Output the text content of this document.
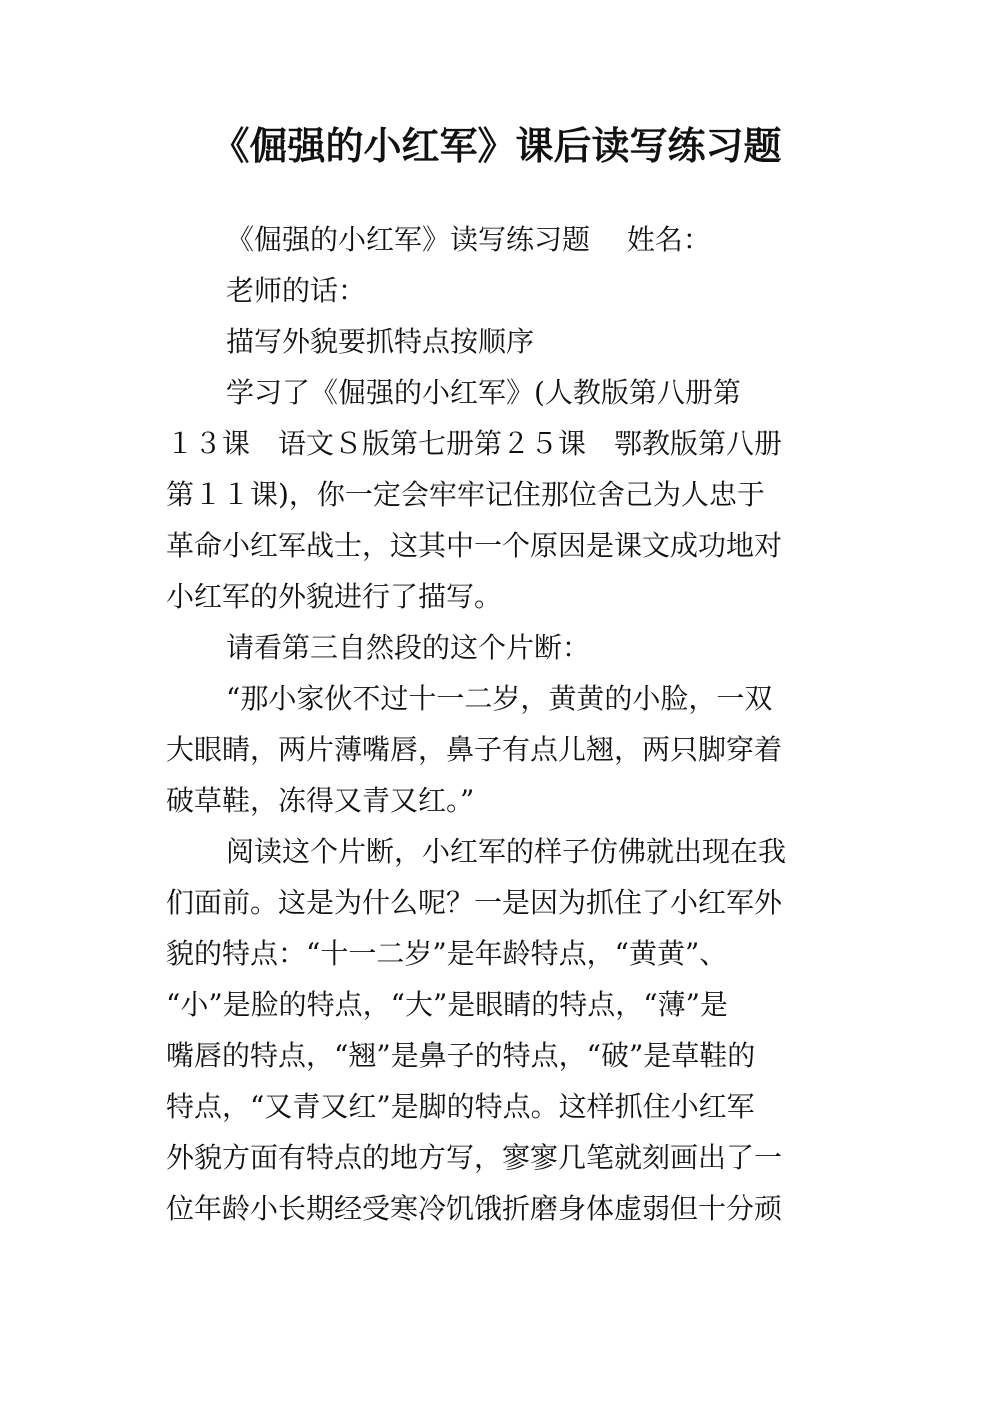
《倔强的小红军》课后读写练习题
《倔强的小红军》读写练习题　 姓名：
老师的话：
描写外貌要抓特点按顺序
学习了《倔强的小红军》(人教版第八册第
１３课　语文Ｓ版第七册第２５课　鄂教版第八册
第１１课)，你一定会牢牢记住那位舍己为人忠于
革命小红军战士，这其中一个原因是课文成功地对
小红军的外貌进行了描写。
请看第三自然段的这个片断：
“那小家伙不过十一二岁，黄黄的小脸，一双
大眼睛，两片薄嘴唇，鼻子有点儿翘，两只脚穿着
破草鞋，冻得又青又红。”
阅读这个片断，小红军的样子仿佛就出现在我
们面前。这是为什么呢？一是因为抓住了小红军外
貌的特点：“十一二岁”是年龄特点，“黄黄”、
“小”是脸的特点，“大”是眼睛的特点，“薄”是
嘴唇的特点，“翘”是鼻子的特点，“破”是草鞋的
特点，“又青又红”是脚的特点。这样抓住小红军
外貌方面有特点的地方写，寥寥几笔就刻画出了一
位年龄小长期经受寒冷饥饿折磨身体虚弱但十分顽
